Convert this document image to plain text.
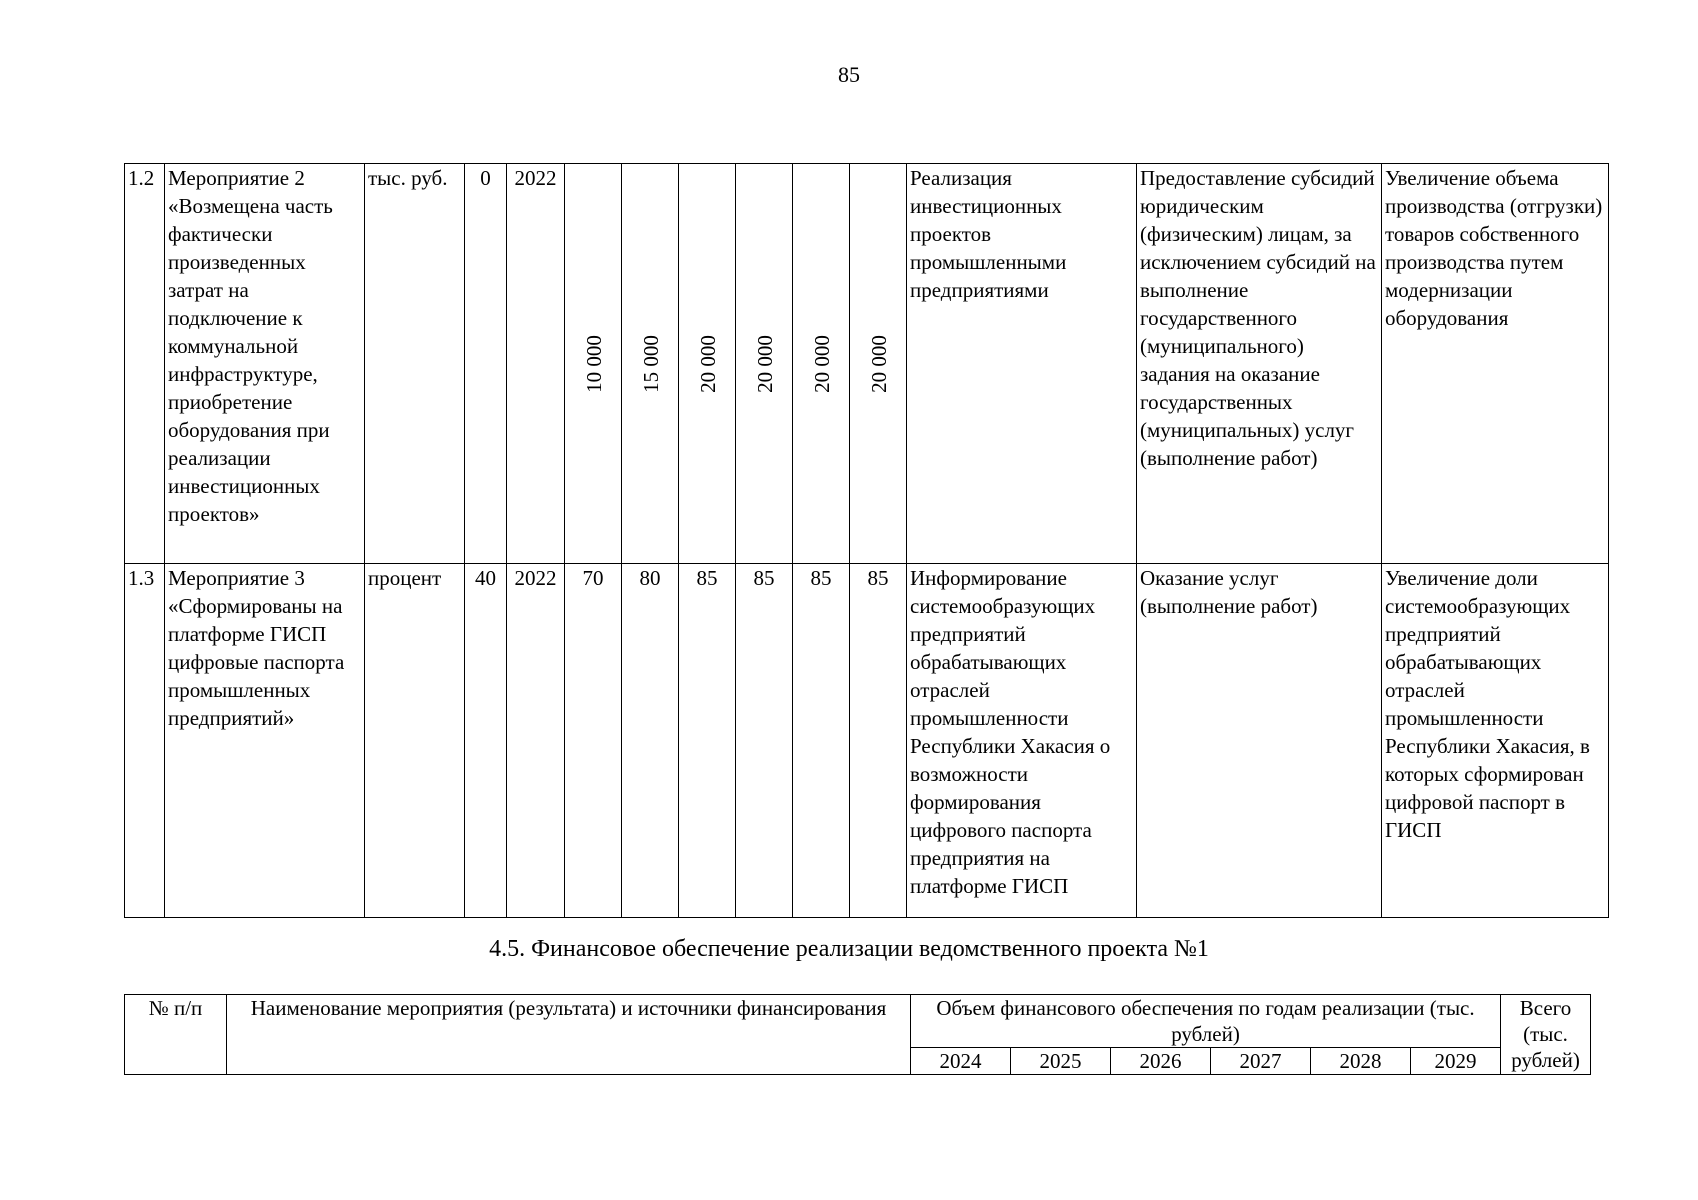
85
1.2	Мероприятие 2 «Возмещена часть фактически произведенных затрат на подключение к коммунальной инфраструктуре, приобретение оборудования при реализации инвестиционных проектов»	тыс. руб.	0	2022	10 000	15 000	20 000	20 000	20 000	20 000	Реализация инвестиционных проектов промышленными предприятиями	Предоставление субсидий юридическим (физическим) лицам, за исключением субсидий на выполнение государственного (муниципального) задания на оказание государственных (муниципальных) услуг (выполнение работ)	Увеличение объема производства (отгрузки) товаров собственного производства путем модернизации оборудования
1.3	Мероприятие 3 «Сформированы на платформе ГИСП цифровые паспорта промышленных предприятий»	процент	40	2022	70	80	85	85	85	85	Информирование системообразующих предприятий обрабатывающих отраслей промышленности Республики Хакасия о возможности формирования цифрового паспорта предприятия на платформе ГИСП	Оказание услуг (выполнение работ)	Увеличение доли системообразующих предприятий обрабатывающих отраслей промышленности Республики Хакасия, в которых сформирован цифровой паспорт в ГИСП
4.5. Финансовое обеспечение реализации ведомственного проекта №1
№ п/п	Наименование мероприятия (результата) и источники финансирования	Объем финансового обеспечения по годам реализации (тыс. рублей)						Всего (тыс. рублей)
		2024	2025	2026	2027	2028	2029	
